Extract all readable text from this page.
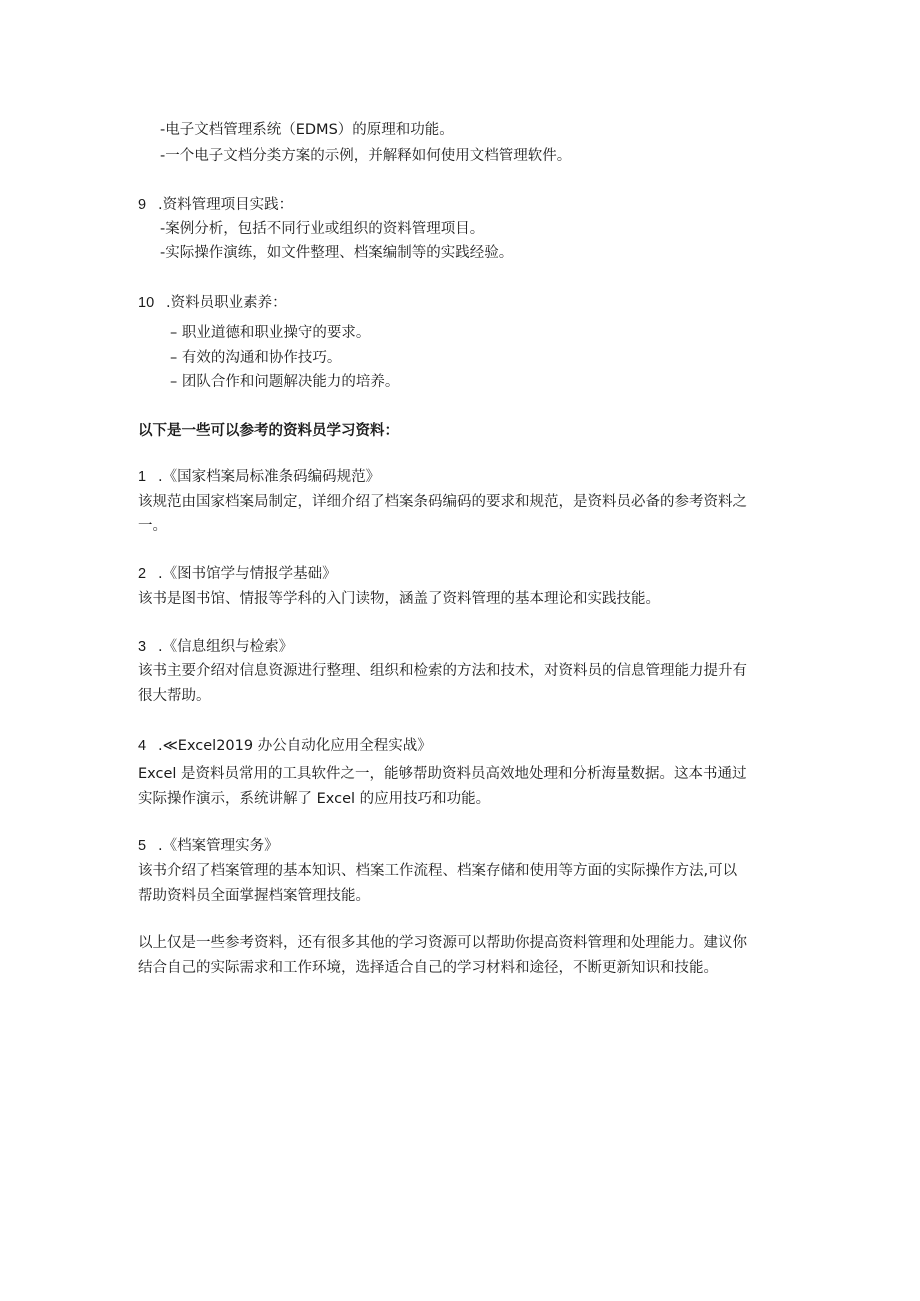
-电子文档管理系统（EDMS）的原理和功能。
-一个电子文档分类方案的示例，并解释如何使用文档管理软件。
9 .资料管理项目实践：
-案例分析，包括不同行业或组织的资料管理项目。
-实际操作演练，如文件整理、档案编制等的实践经验。
10 .资料员职业素养：
– 职业道德和职业操守的要求。
– 有效的沟通和协作技巧。
– 团队合作和问题解决能力的培养。
以下是一些可以参考的资料员学习资料：
1 .《国家档案局标准条码编码规范》
该规范由国家档案局制定，详细介绍了档案条码编码的要求和规范，是资料员必备的参考资料之
一。
2 .《图书馆学与情报学基础》
该书是图书馆、情报等学科的入门读物，涵盖了资料管理的基本理论和实践技能。
3 .《信息组织与检索》
该书主要介绍对信息资源进行整理、组织和检索的方法和技术，对资料员的信息管理能力提升有
很大帮助。
4 .≪Excel2019 办公自动化应用全程实战》
Excel 是资料员常用的工具软件之一，能够帮助资料员高效地处理和分析海量数据。这本书通过
实际操作演示，系统讲解了 Excel 的应用技巧和功能。
5 .《档案管理实务》
该书介绍了档案管理的基本知识、档案工作流程、档案存储和使用等方面的实际操作方法,可以
帮助资料员全面掌握档案管理技能。
以上仅是一些参考资料，还有很多其他的学习资源可以帮助你提高资料管理和处理能力。建议你
结合自己的实际需求和工作环境，选择适合自己的学习材料和途径，不断更新知识和技能。
